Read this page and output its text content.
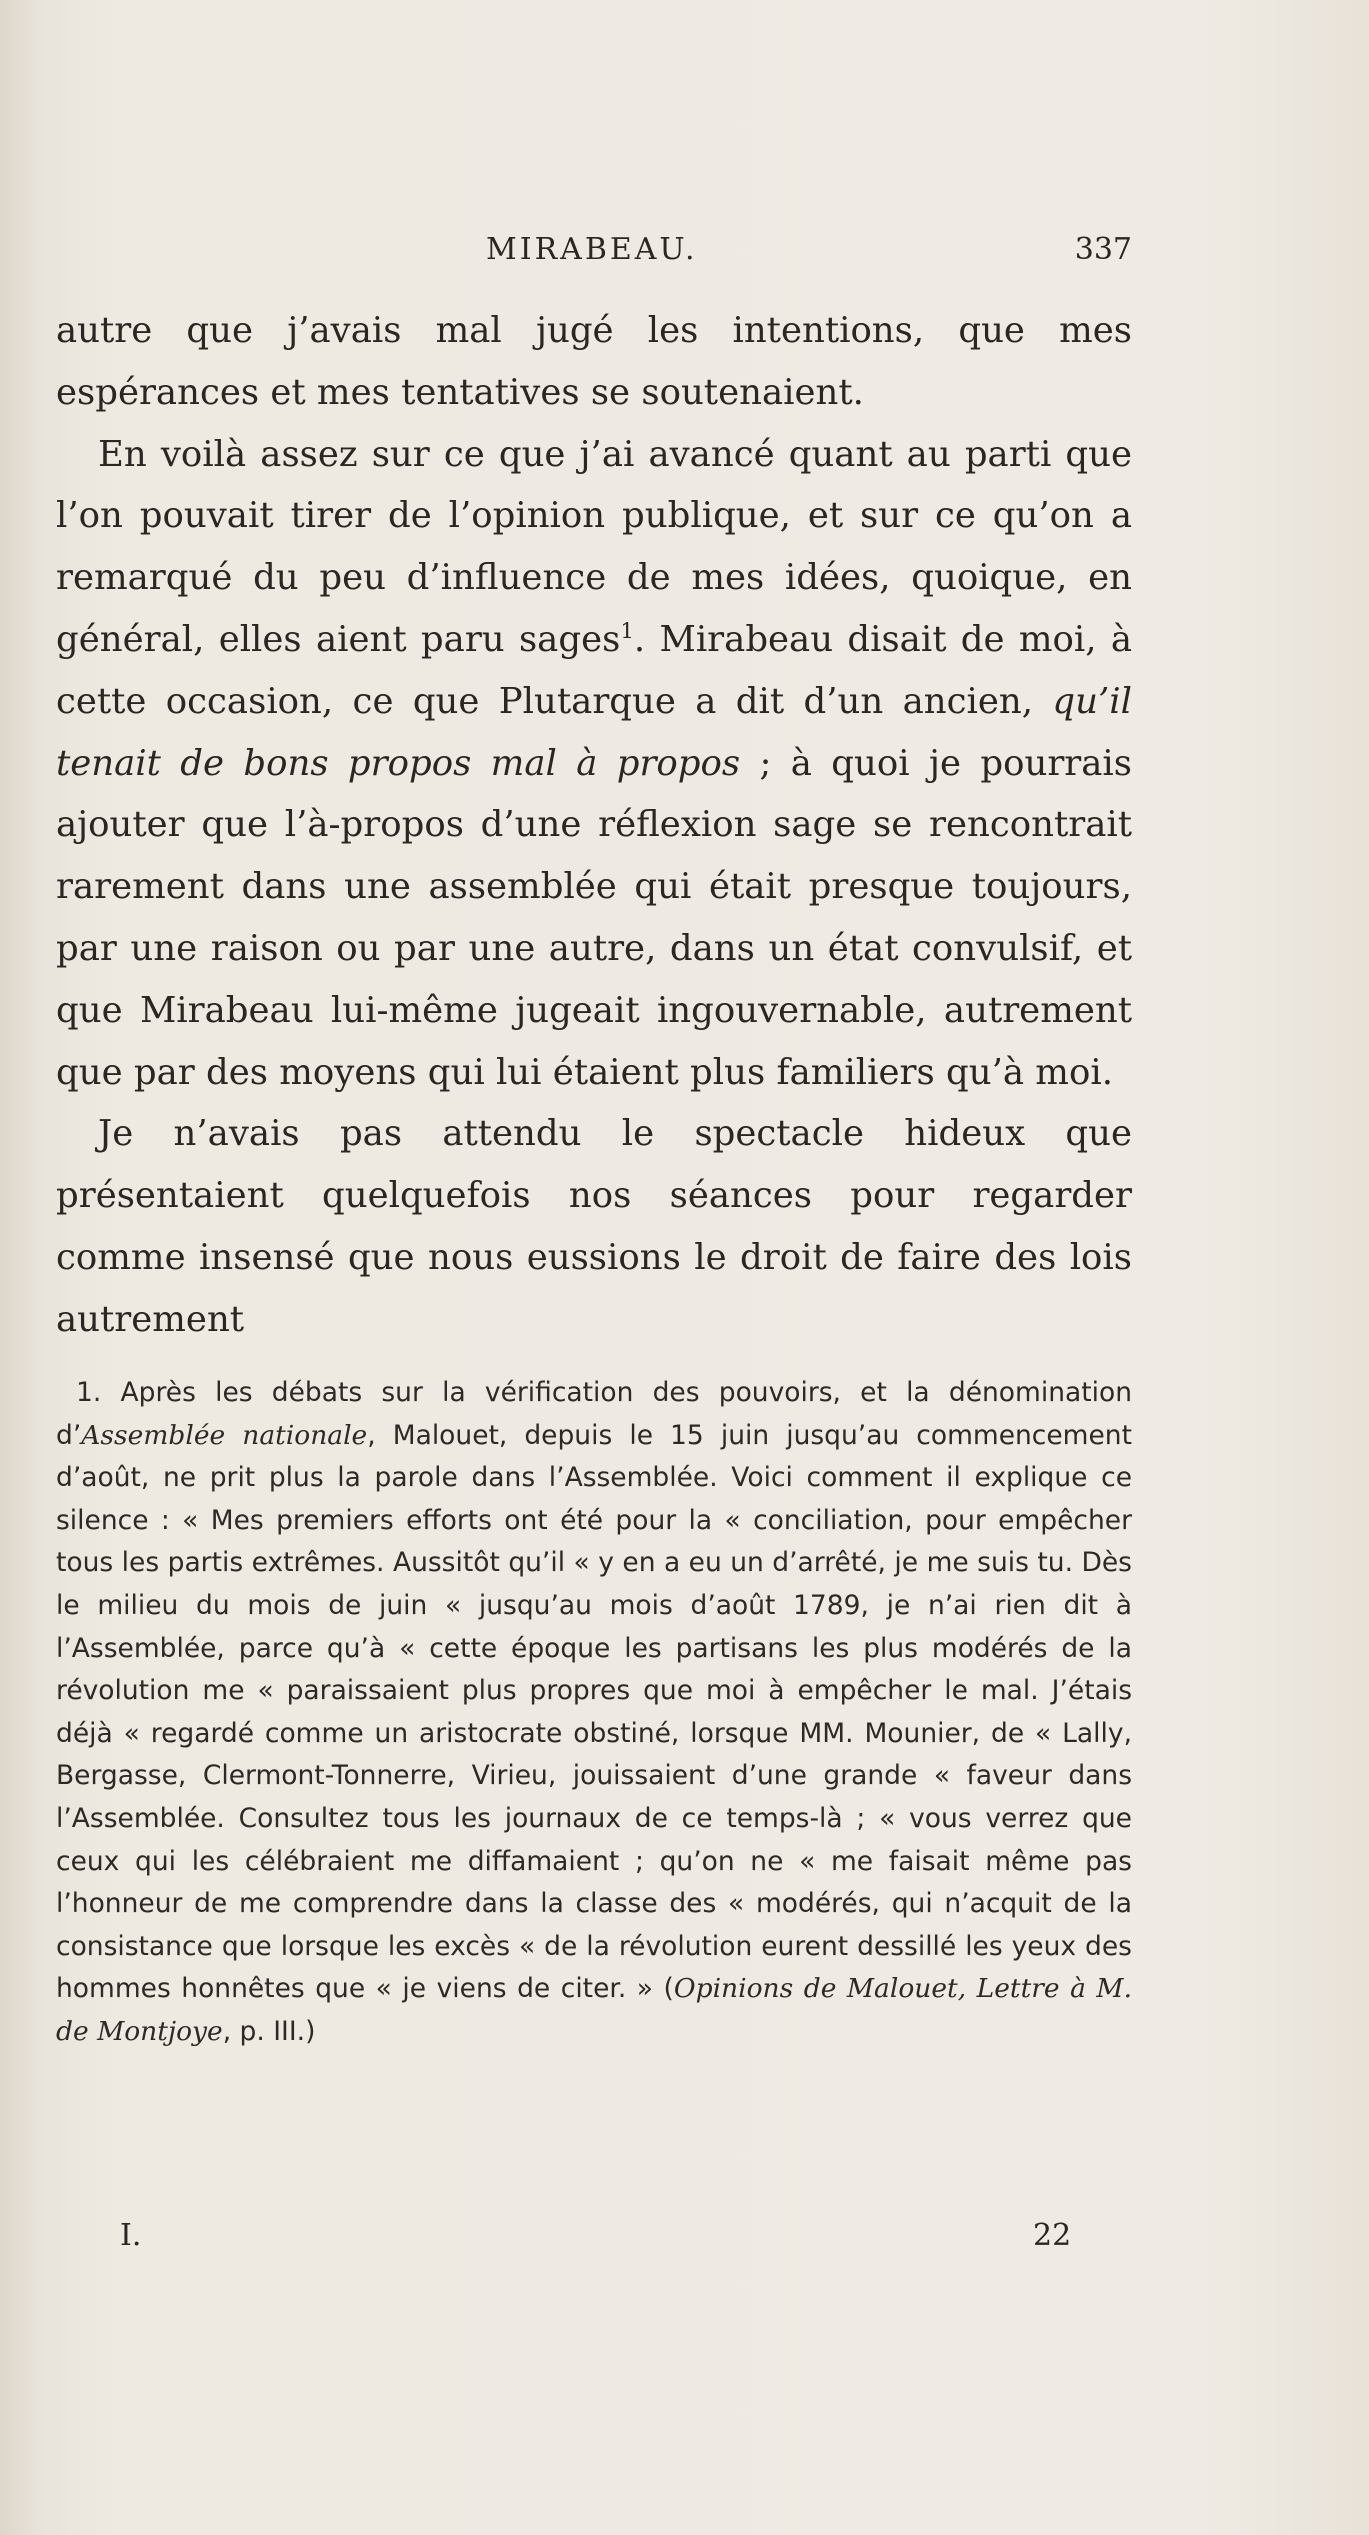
MIRABEAU.	337

autre que j’avais mal jugé les intentions, que mes espérances et mes tentatives se soutenaient.

En voilà assez sur ce que j’ai avancé quant au parti que l’on pouvait tirer de l’opinion publique, et sur ce qu’on a remarqué du peu d’influence de mes idées, quoique, en général, elles aient paru sages$^1$. Mirabeau disait de moi, à cette occasion, ce que Plutarque a dit d’un ancien, qu’il tenait de bons propos mal à propos ; à quoi je pourrais ajouter que l’à-propos d’une réflexion sage se rencontrait rarement dans une assemblée qui était presque toujours, par une raison ou par une autre, dans un état convulsif, et que Mirabeau lui-même jugeait ingouvernable, autrement que par des moyens qui lui étaient plus familiers qu’à moi.

Je n’avais pas attendu le spectacle hideux que présentaient quelquefois nos séances pour regarder comme insensé que nous eussions le droit de faire des lois autrement

1. Après les débats sur la vérification des pouvoirs, et la dénomination d’Assemblée nationale, Malouet, depuis le 15 juin jusqu’au commencement d’août, ne prit plus la parole dans l’Assemblée. Voici comment il explique ce silence : « Mes premiers efforts ont été pour la « conciliation, pour empêcher tous les partis extrêmes. Aussitôt qu’il « y en a eu un d’arrêté, je me suis tu. Dès le milieu du mois de juin « jusqu’au mois d’août 1789, je n’ai rien dit à l’Assemblée, parce qu’à « cette époque les partisans les plus modérés de la révolution me « paraissaient plus propres que moi à empêcher le mal. J’étais déjà « regardé comme un aristocrate obstiné, lorsque MM. Mounier, de « Lally, Bergasse, Clermont-Tonnerre, Virieu, jouissaient d’une grande « faveur dans l’Assemblée. Consultez tous les journaux de ce temps-là ; « vous verrez que ceux qui les célébraient me diffamaient ; qu’on ne « me faisait même pas l’honneur de me comprendre dans la classe des « modérés, qui n’acquit de la consistance que lorsque les excès « de la révolution eurent dessillé les yeux des hommes honnêtes que « je viens de citer. » (Opinions de Malouet, Lettre à M. de Montjoye, p. III.)

I.	22
